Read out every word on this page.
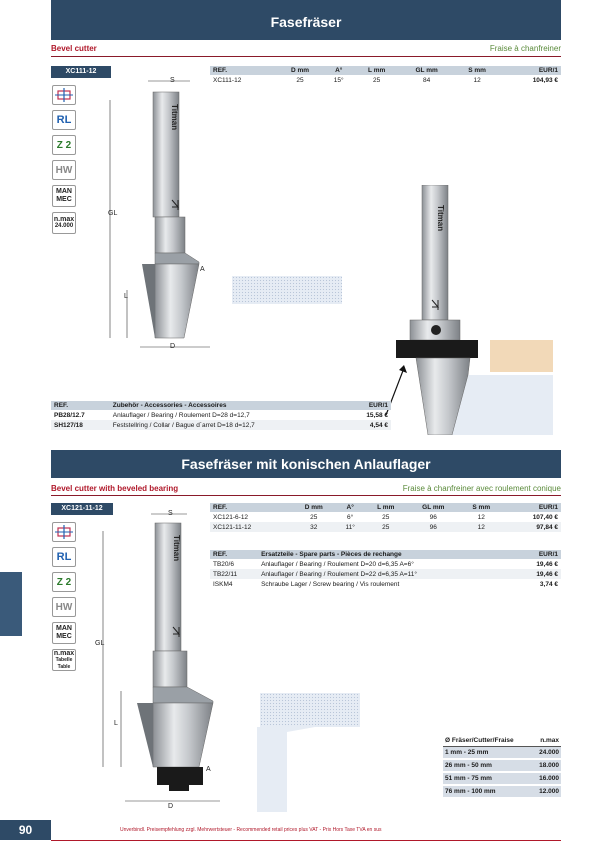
Fasefräser
Bevel cutter	Fraise à chanfreiner
XC111-12
RL
Z 2
HW
MAN
MEC
n.max
24.000
Titman
S
GL
L
D
A
REF.	D mm	A°	L mm	GL mm	S mm	EUR/1
XC111-12	25	15°	25	84	12	104,93 €
Titman
REF.	Zubehör - Accessories - Accessoires	EUR/1
PB28/12.7	Anlauflager / Bearing / Roulement D=28 d=12,7	15,58 €
SH127/18	Feststellring / Collar / Bague d´arret D=18 d=12,7	4,54 €
Fasefräser mit konischen Anlauflager
Bevel cutter with beveled bearing	Fraise à chanfreiner avec roulement conique
XC121-11-12
RL
Z 2
HW
MAN
MEC
n.max
Tabelle
Table
Titman
S
GL
L
D
A
REF.	D mm	A°	L mm	GL mm	S mm	EUR/1
XC121-6-12	25	6°	25	96	12	107,40 €
XC121-11-12	32	11°	25	96	12	97,84 €
REF.	Ersatzteile - Spare parts - Pièces de rechange	EUR/1
TB20/6	Anlauflager / Bearing / Roulement D=20 d=6,35 A=6°	19,46 €
TB22/11	Anlauflager / Bearing / Roulement D=22 d=6,35 A=11°	19,46 €
ISKM4	Schraube Lager / Screw bearing / Vis roulement	3,74 €
Ø Fräser/Cutter/Fraise	n.max
1 mm - 25 mm	24.000
26 mm - 50 mm	18.000
51 mm - 75 mm	16.000
76 mm - 100 mm	12.000
90	Unverbindl. Preisempfehlung zzgl. Mehrwertsteuer - Recommended retail prices plus VAT - Prix Hors Taxe TVA en sus
